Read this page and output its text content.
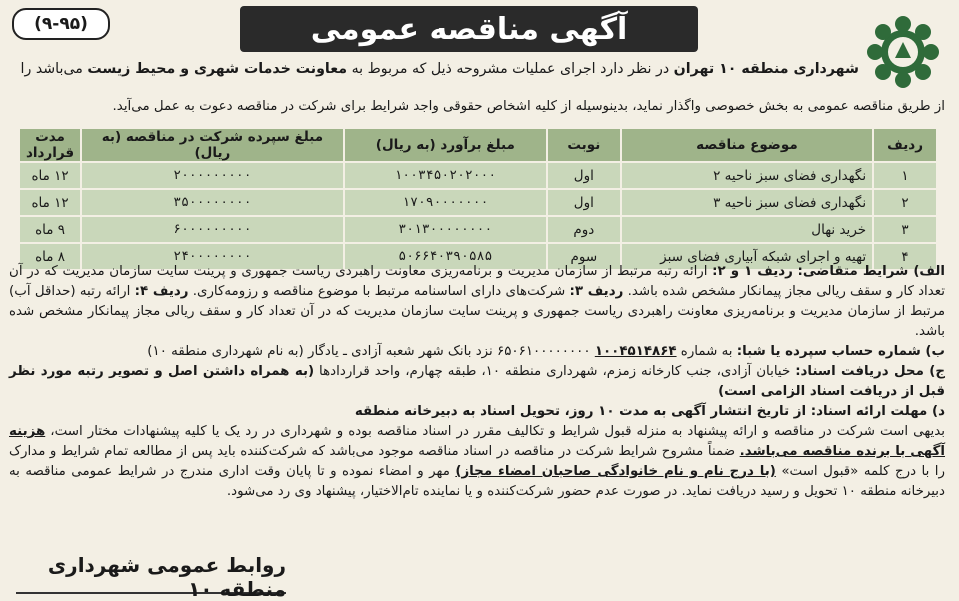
آگهی مناقصه عمومی
(۹-۹۵)
شهرداری منطقه ۱۰ تهران در نظر دارد اجرای عملیات مشروحه ذیل که مربوط به معاونت خدمات شهری و محیط زیست می‌باشد را
از طریق مناقصه عمومی به بخش خصوصی واگذار نماید، بدینوسیله از کلیه اشخاص حقوقی واجد شرایط برای شرکت در مناقصه دعوت به عمل می‌آید.
ردیف	موضوع مناقصه	نوبت	مبلغ برآورد (به ریال)	مبلغ سپرده شرکت در مناقصه (به ریال)	مدت قرارداد
۱	نگهداری فضای سبز ناحیه ۲	اول	۱۰۰۳۴۵۰۲۰۲۰۰۰	۲۰۰۰۰۰۰۰۰۰	۱۲ ماه
۲	نگهداری فضای سبز ناحیه ۳	اول	۱۷۰۹۰۰۰۰۰۰۰	۳۵۰۰۰۰۰۰۰۰	۱۲ ماه
۳	خرید نهال	دوم	۳۰۱۳۰۰۰۰۰۰۰۰	۶۰۰۰۰۰۰۰۰۰	۹ ماه
۴	تهیه و اجرای شبکه آبیاری فضای سبز	سوم	۵۰۶۶۴۰۳۹۰۵۸۵	۲۴۰۰۰۰۰۰۰۰	۸ ماه
الف) شرایط متقاضی: ردیف ۱ و ۲: ارائه رتبه مرتبط از سازمان مدیریت و برنامه‌ریزی معاونت راهبردی ریاست جمهوری و پرینت سایت سازمان مدیریت که در آن تعداد کار و سقف ریالی مجاز پیمانکار مشخص شده باشد. ردیف ۳: شرکت‌های دارای اساسنامه مرتبط با موضوع مناقصه و رزومه‌کاری. ردیف ۴: ارائه رتبه (حداقل آب) مرتبط از سازمان مدیریت و برنامه‌ریزی معاونت راهبردی ریاست جمهوری و پرینت سایت سازمان مدیریت که در آن تعداد کار و سقف ریالی مجاز پیمانکار مشخص شده باشد.
ب) شماره حساب سپرده یا شبا: به شماره ۱۰۰۴۵۱۴۸۶۴ ۶۵۰۶۱۰۰۰۰۰۰۰۰ نزد بانک شهر شعبه آزادی ـ یادگار (به نام شهرداری منطقه ۱۰)
ج) محل دریافت اسناد: خیابان آزادی، جنب کارخانه زمزم، شهرداری منطقه ۱۰، طبقه چهارم، واحد قراردادها (به همراه داشتن اصل و تصویر رتبه مورد نظر قبل از دریافت اسناد الزامی است)
د) مهلت ارائه اسناد: از تاریخ انتشار آگهی به مدت ۱۰ روز، تحویل اسناد به دبیرخانه منطقه
بدیهی است شرکت در مناقصه و ارائه پیشنهاد به منزله قبول شرایط و تکالیف مقرر در اسناد مناقصه بوده و شهرداری در رد یک یا کلیه پیشنهادات مختار است، هزینه آگهی با برنده مناقصه می‌باشد. ضمناً مشروح شرایط شرکت در مناقصه در اسناد مناقصه موجود می‌باشد که شرکت‌کننده باید پس از مطالعه تمام شرایط و مدارک را با درج کلمه «قبول است» (با درج نام و نام خانوادگی صاحبان امضاء مجاز) مهر و امضاء نموده و تا پایان وقت اداری مندرج در شرایط عمومی مناقصه به دبیرخانه منطقه ۱۰ تحویل و رسید دریافت نماید. در صورت عدم حضور شرکت‌کننده و یا نماینده تام‌الاختیار، پیشنهاد وی رد می‌شود.
روابط عمومی شهرداری منطقه ۱۰
